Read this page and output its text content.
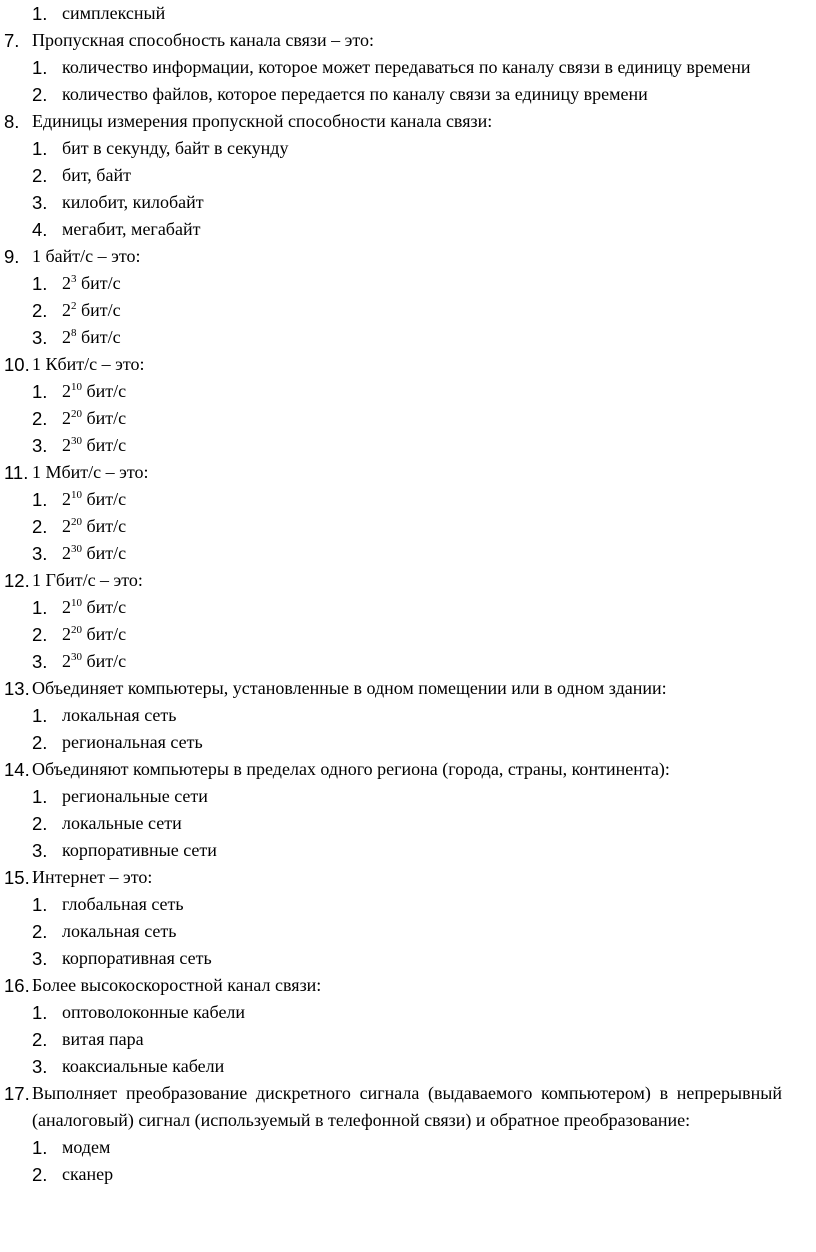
1. симплексный
7. Пропускная способность канала связи – это:
1. количество информации, которое может передаваться по каналу связи в единицу времени
2. количество файлов, которое передается по каналу связи за единицу времени
8. Единицы измерения пропускной способности канала связи:
1. бит в секунду, байт в секунду
2. бит, байт
3. килобит, килобайт
4. мегабит, мегабайт
9. 1 байт/с – это:
1. $2^3$ бит/с
2. $2^2$ бит/с
3. $2^8$ бит/с
10. 1 Кбит/с – это:
1. $2^{10}$ бит/с
2. $2^{20}$ бит/с
3. $2^{30}$ бит/с
11. 1 Мбит/с – это:
1. $2^{10}$ бит/с
2. $2^{20}$ бит/с
3. $2^{30}$ бит/с
12. 1 Гбит/с – это:
1. $2^{10}$ бит/с
2. $2^{20}$ бит/с
3. $2^{30}$ бит/с
13. Объединяет компьютеры, установленные в одном помещении или в одном здании:
1. локальная сеть
2. региональная сеть
14. Объединяют компьютеры в пределах одного региона (города, страны, континента):
1. региональные сети
2. локальные сети
3. корпоративные сети
15. Интернет – это:
1. глобальная сеть
2. локальная сеть
3. корпоративная сеть
16. Более высокоскоростной канал связи:
1. оптоволоконные кабели
2. витая пара
3. коаксиальные кабели
17. Выполняет преобразование дискретного сигнала (выдаваемого компьютером) в непрерывный (аналоговый) сигнал (используемый в телефонной связи) и обратное преобразование:
1. модем
2. сканер
